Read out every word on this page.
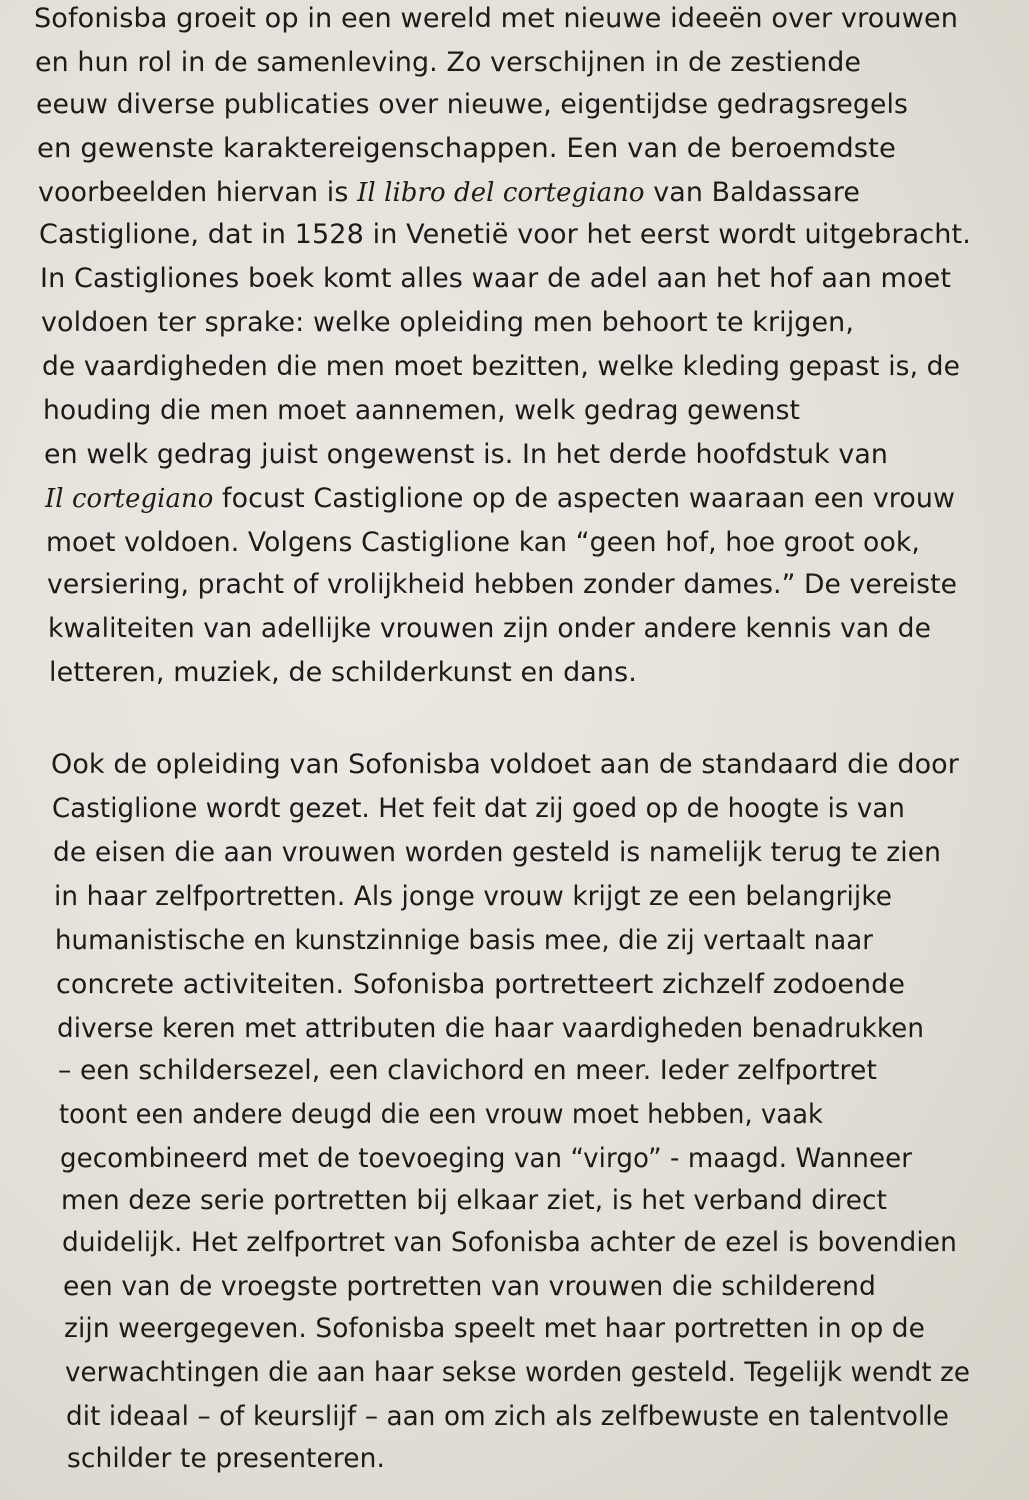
Sofonisba groeit op in een wereld met nieuwe ideeën over vrouwen
en hun rol in de samenleving. Zo verschijnen in de zestiende
eeuw diverse publicaties over nieuwe, eigentijdse gedragsregels
en gewenste karaktereigenschappen. Een van de beroemdste
voorbeelden hiervan is Il libro del cortegiano van Baldassare
Castiglione, dat in 1528 in Venetië voor het eerst wordt uitgebracht.
In Castigliones boek komt alles waar de adel aan het hof aan moet
voldoen ter sprake: welke opleiding men behoort te krijgen,
de vaardigheden die men moet bezitten, welke kleding gepast is, de
houding die men moet aannemen, welk gedrag gewenst
en welk gedrag juist ongewenst is. In het derde hoofdstuk van
Il cortegiano focust Castiglione op de aspecten waaraan een vrouw
moet voldoen. Volgens Castiglione kan “geen hof, hoe groot ook,
versiering, pracht of vrolijkheid hebben zonder dames.” De vereiste
kwaliteiten van adellijke vrouwen zijn onder andere kennis van de
letteren, muziek, de schilderkunst en dans.
Ook de opleiding van Sofonisba voldoet aan de standaard die door
Castiglione wordt gezet. Het feit dat zij goed op de hoogte is van
de eisen die aan vrouwen worden gesteld is namelijk terug te zien
in haar zelfportretten. Als jonge vrouw krijgt ze een belangrijke
humanistische en kunstzinnige basis mee, die zij vertaalt naar
concrete activiteiten. Sofonisba portretteert zichzelf zodoende
diverse keren met attributen die haar vaardigheden benadrukken
– een schildersezel, een clavichord en meer. Ieder zelfportret
toont een andere deugd die een vrouw moet hebben, vaak
gecombineerd met de toevoeging van “virgo” - maagd. Wanneer
men deze serie portretten bij elkaar ziet, is het verband direct
duidelijk. Het zelfportret van Sofonisba achter de ezel is bovendien
een van de vroegste portretten van vrouwen die schilderend
zijn weergegeven. Sofonisba speelt met haar portretten in op de
verwachtingen die aan haar sekse worden gesteld. Tegelijk wendt ze
dit ideaal – of keurslijf – aan om zich als zelfbewuste en talentvolle
schilder te presenteren.
